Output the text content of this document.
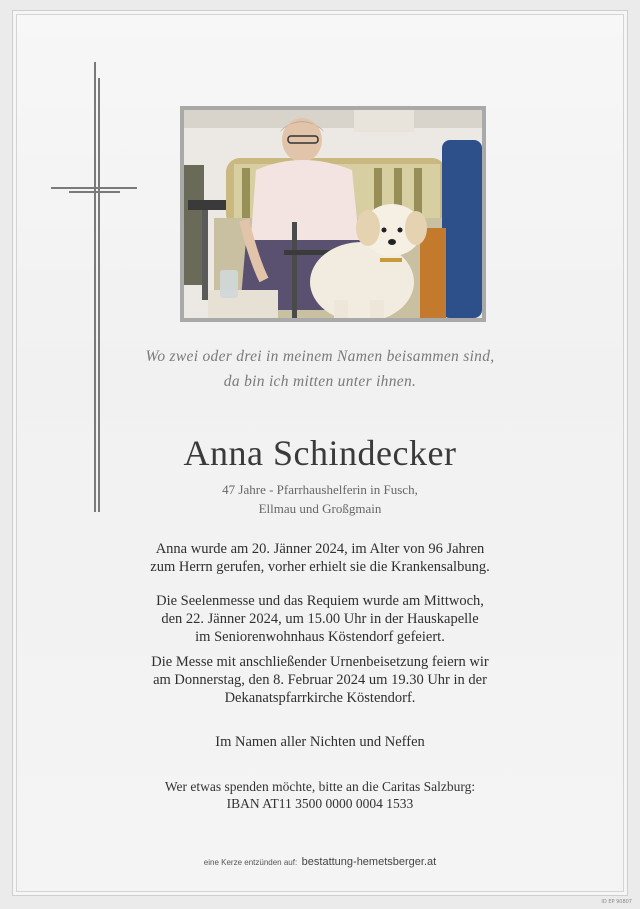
Wo zwei oder drei in meinem Namen beisammen sind,
da bin ich mitten unter ihnen.
Anna Schindecker
47 Jahre - Pfarrhaushelferin in Fusch,
Ellmau und Großgmain
Anna wurde am 20. Jänner 2024, im Alter von 96 Jahren
zum Herrn gerufen, vorher erhielt sie die Krankensalbung.
Die Seelenmesse und das Requiem wurde am Mittwoch,
den 22. Jänner 2024, um 15.00 Uhr in der Hauskapelle
im Seniorenwohnhaus Köstendorf gefeiert.
Die Messe mit anschließender Urnenbeisetzung feiern wir
am Donnerstag, den 8. Februar 2024 um 19.30 Uhr in der
Dekanatspfarrkirche Köstendorf.
Im Namen aller Nichten und Neffen
Wer etwas spenden möchte, bitte an die Caritas Salzburg:
IBAN AT11 3500 0000 0004 1533
eine Kerze entzünden auf: bestattung-hemetsberger.at
ID EP 90807
